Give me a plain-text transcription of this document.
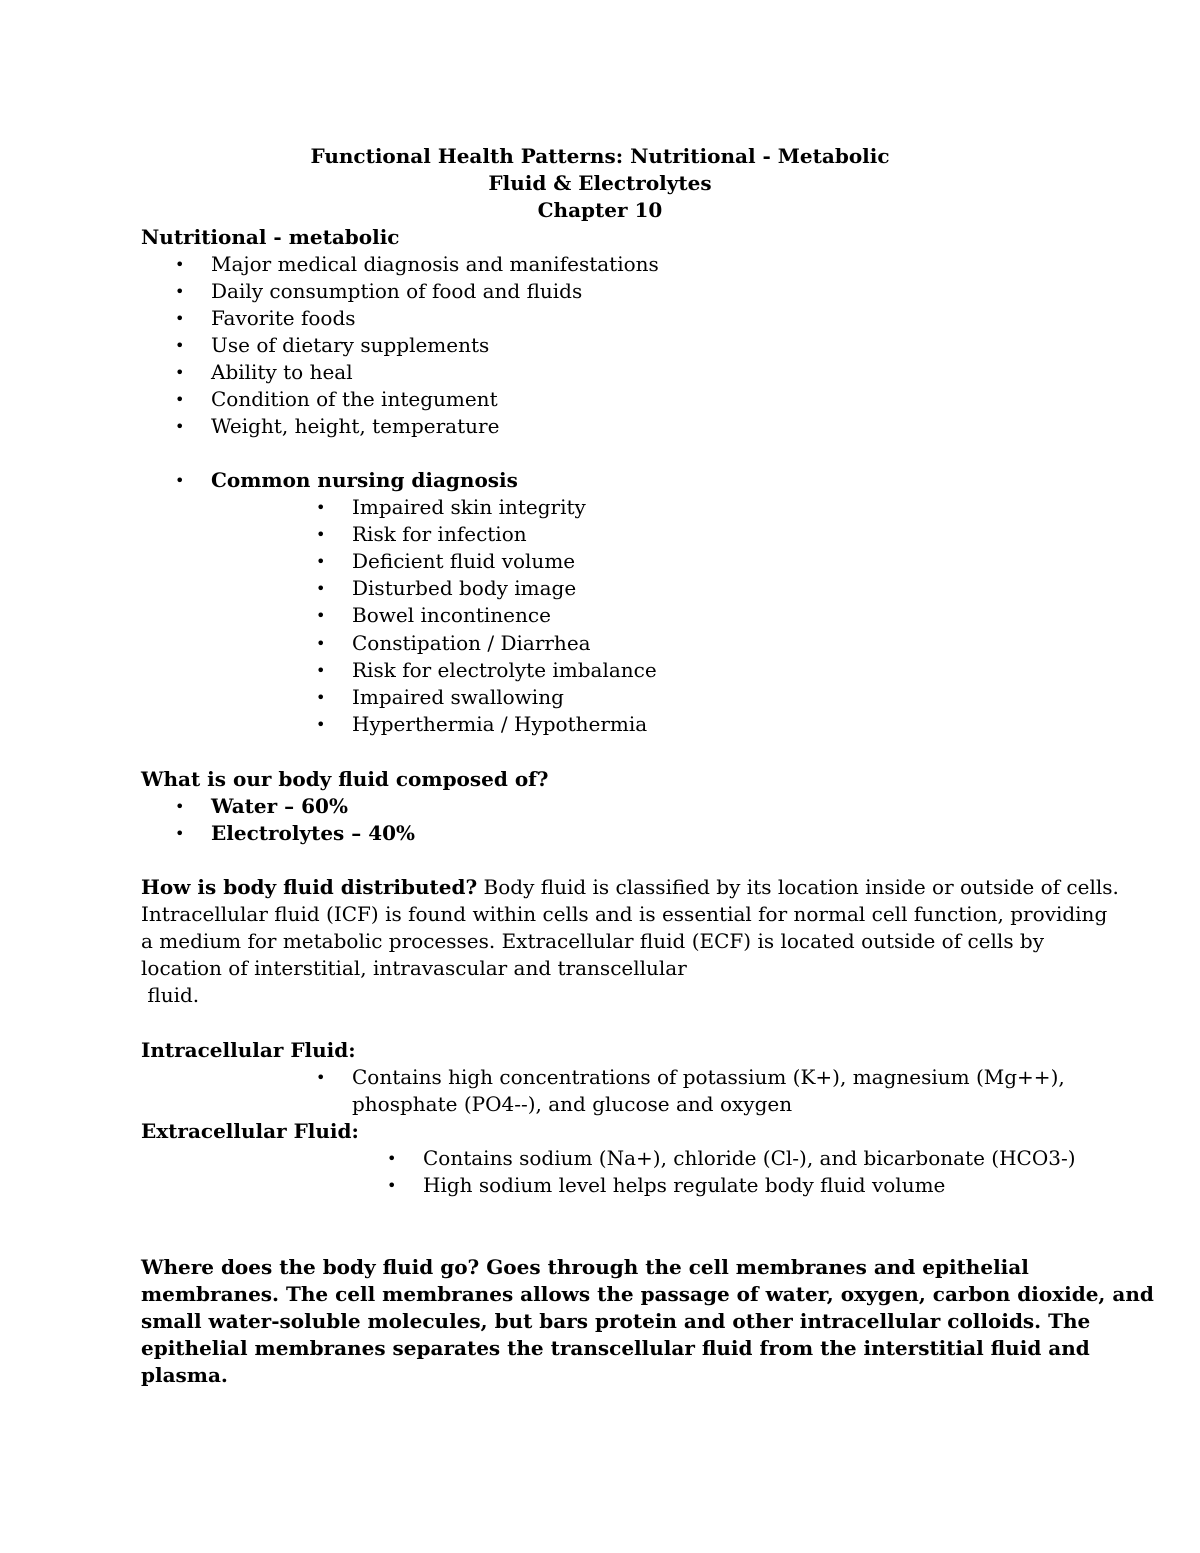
Functional Health Patterns: Nutritional - Metabolic
Fluid & Electrolytes
Chapter 10
Nutritional - metabolic
• Major medical diagnosis and manifestations
• Daily consumption of food and fluids
• Favorite foods
• Use of dietary supplements
• Ability to heal
• Condition of the integument
• Weight, height, temperature
• Common nursing diagnosis
• Impaired skin integrity
• Risk for infection
• Deficient fluid volume
• Disturbed body image
• Bowel incontinence
• Constipation / Diarrhea
• Risk for electrolyte imbalance
• Impaired swallowing
• Hyperthermia / Hypothermia
What is our body fluid composed of?
• Water – 60%
• Electrolytes – 40%
How is body fluid distributed? Body fluid is classified by its location inside or outside of cells.
Intracellular fluid (ICF) is found within cells and is essential for normal cell function, providing
a medium for metabolic processes. Extracellular fluid (ECF) is located outside of cells by
location of interstitial, intravascular and transcellular
fluid.
Intracellular Fluid:
• Contains high concentrations of potassium (K+), magnesium (Mg++),
phosphate (PO4--), and glucose and oxygen
Extracellular Fluid:
• Contains sodium (Na+), chloride (Cl-), and bicarbonate (HCO3-)
• High sodium level helps regulate body fluid volume
Where does the body fluid go? Goes through the cell membranes and epithelial
membranes. The cell membranes allows the passage of water, oxygen, carbon dioxide, and
small water-soluble molecules, but bars protein and other intracellular colloids. The
epithelial membranes separates the transcellular fluid from the interstitial fluid and
plasma.
